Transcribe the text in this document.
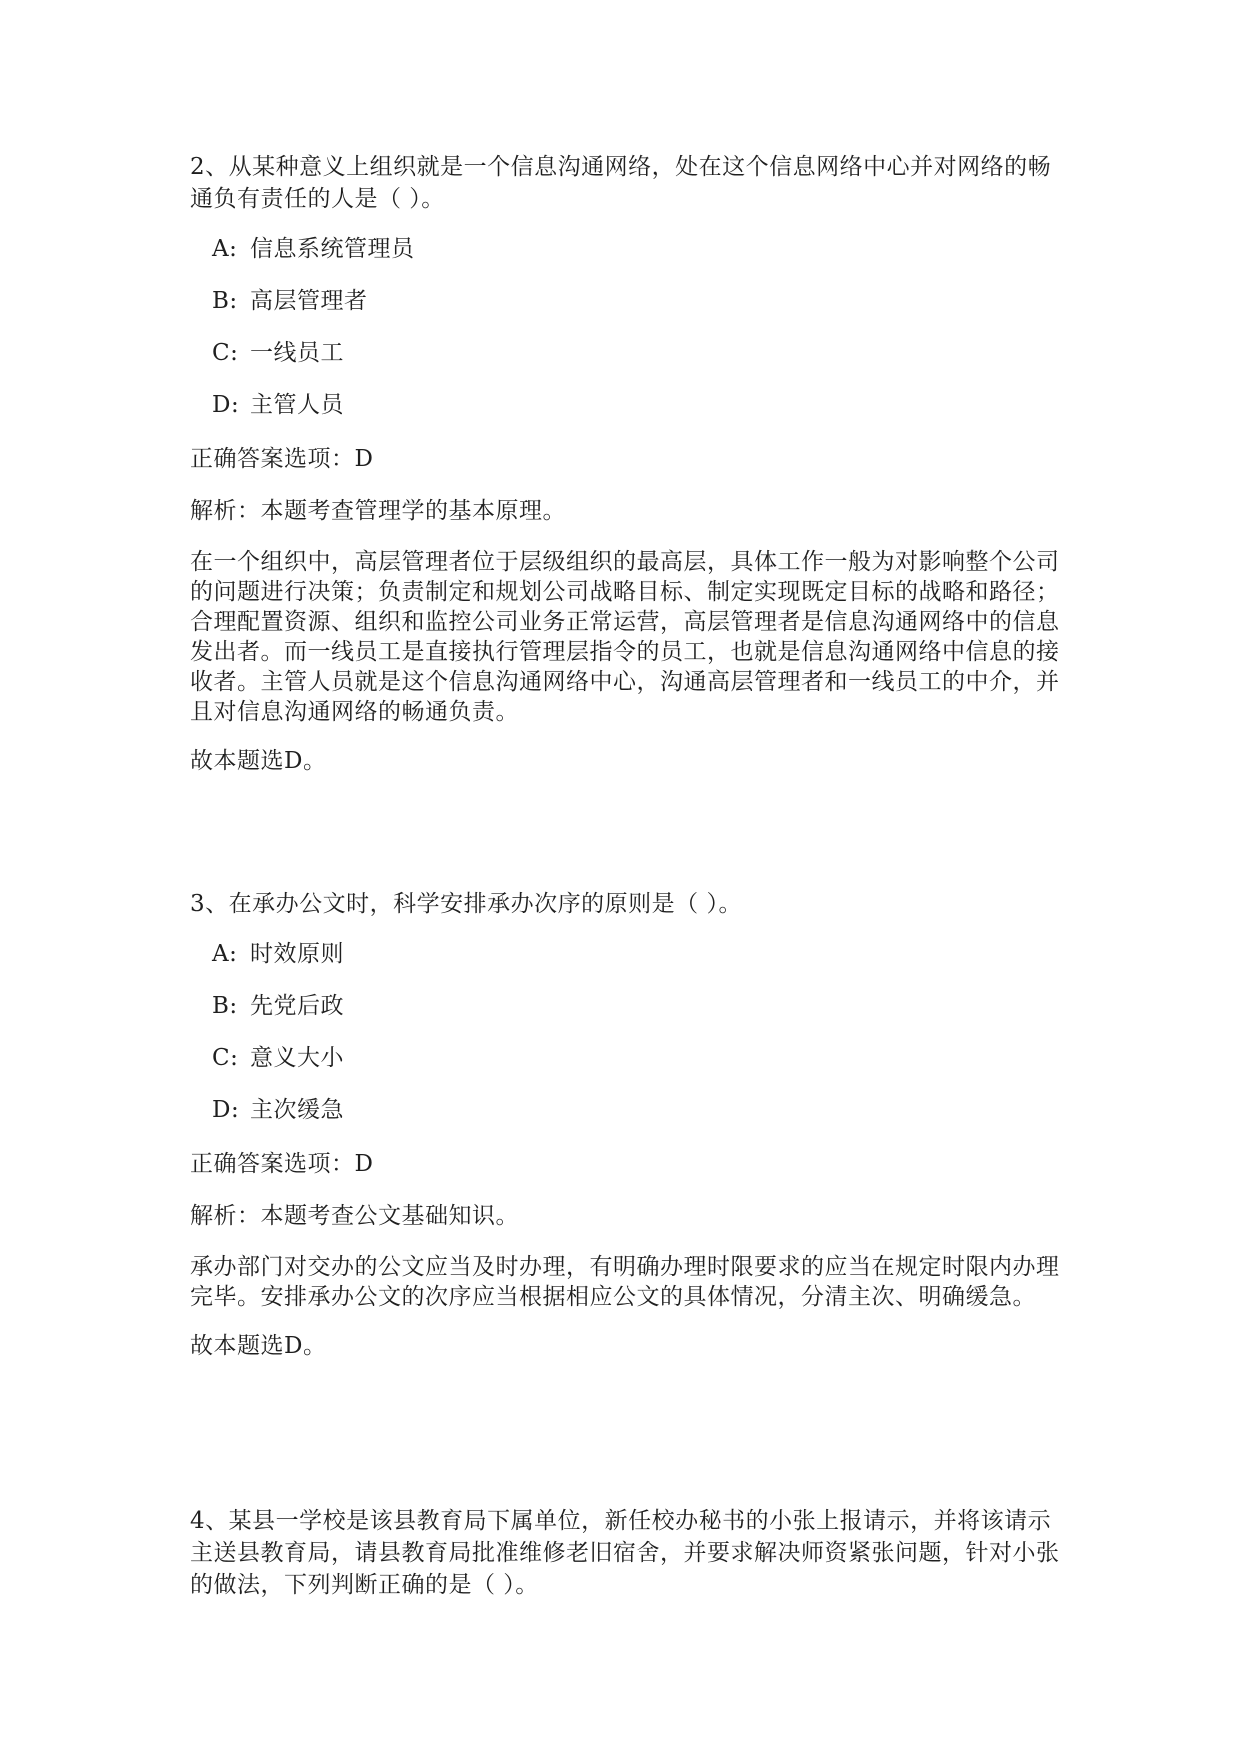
2、从某种意义上组织就是一个信息沟通网络，处在这个信息网络中心并对网络的畅通负有责任的人是（ ）。

A: 信息系统管理员
B: 高层管理者
C: 一线员工
D: 主管人员
正确答案选项：D
解析：本题考查管理学的基本原理。
在一个组织中，高层管理者位于层级组织的最高层，具体工作一般为对影响整个公司的问题进行决策；负责制定和规划公司战略目标、制定实现既定目标的战略和路径；合理配置资源、组织和监控公司业务正常运营，高层管理者是信息沟通网络中的信息发出者。而一线员工是直接执行管理层指令的员工，也就是信息沟通网络中信息的接收者。主管人员就是这个信息沟通网络中心，沟通高层管理者和一线员工的中介，并且对信息沟通网络的畅通负责。
故本题选D。

3、在承办公文时，科学安排承办次序的原则是（ ）。

A: 时效原则
B: 先党后政
C: 意义大小
D: 主次缓急
正确答案选项：D
解析：本题考查公文基础知识。
承办部门对交办的公文应当及时办理，有明确办理时限要求的应当在规定时限内办理完毕。安排承办公文的次序应当根据相应公文的具体情况，分清主次、明确缓急。
故本题选D。

4、某县一学校是该县教育局下属单位，新任校办秘书的小张上报请示，并将该请示主送县教育局，请县教育局批准维修老旧宿舍，并要求解决师资紧张问题，针对小张的做法，下列判断正确的是（ ）。
